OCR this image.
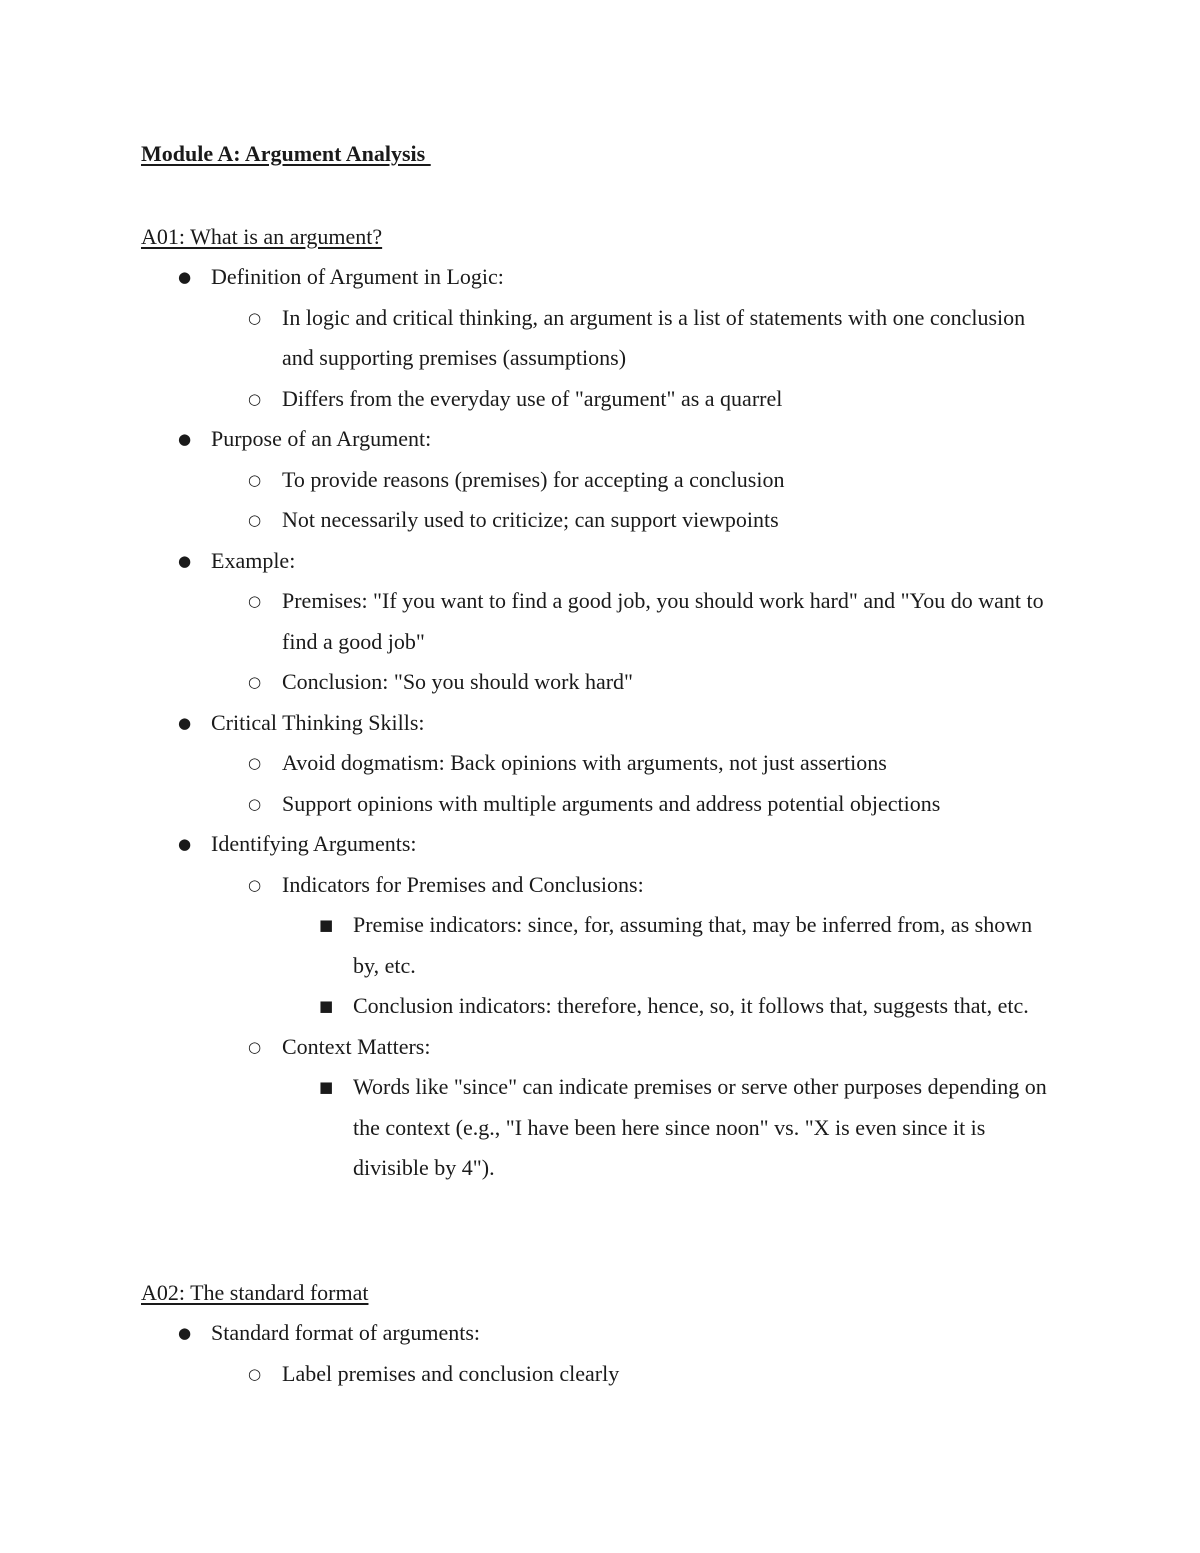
Module A: Argument Analysis
A01: What is an argument?
● Definition of Argument in Logic:
○ In logic and critical thinking, an argument is a list of statements with one conclusion and supporting premises (assumptions)
○ Differs from the everyday use of "argument" as a quarrel
● Purpose of an Argument:
○ To provide reasons (premises) for accepting a conclusion
○ Not necessarily used to criticize; can support viewpoints
● Example:
○ Premises: "If you want to find a good job, you should work hard" and "You do want to find a good job"
○ Conclusion: "So you should work hard"
● Critical Thinking Skills:
○ Avoid dogmatism: Back opinions with arguments, not just assertions
○ Support opinions with multiple arguments and address potential objections
● Identifying Arguments:
○ Indicators for Premises and Conclusions:
■ Premise indicators: since, for, assuming that, may be inferred from, as shown by, etc.
■ Conclusion indicators: therefore, hence, so, it follows that, suggests that, etc.
○ Context Matters:
■ Words like "since" can indicate premises or serve other purposes depending on the context (e.g., "I have been here since noon" vs. "X is even since it is divisible by 4").
A02: The standard format
● Standard format of arguments:
○ Label premises and conclusion clearly
